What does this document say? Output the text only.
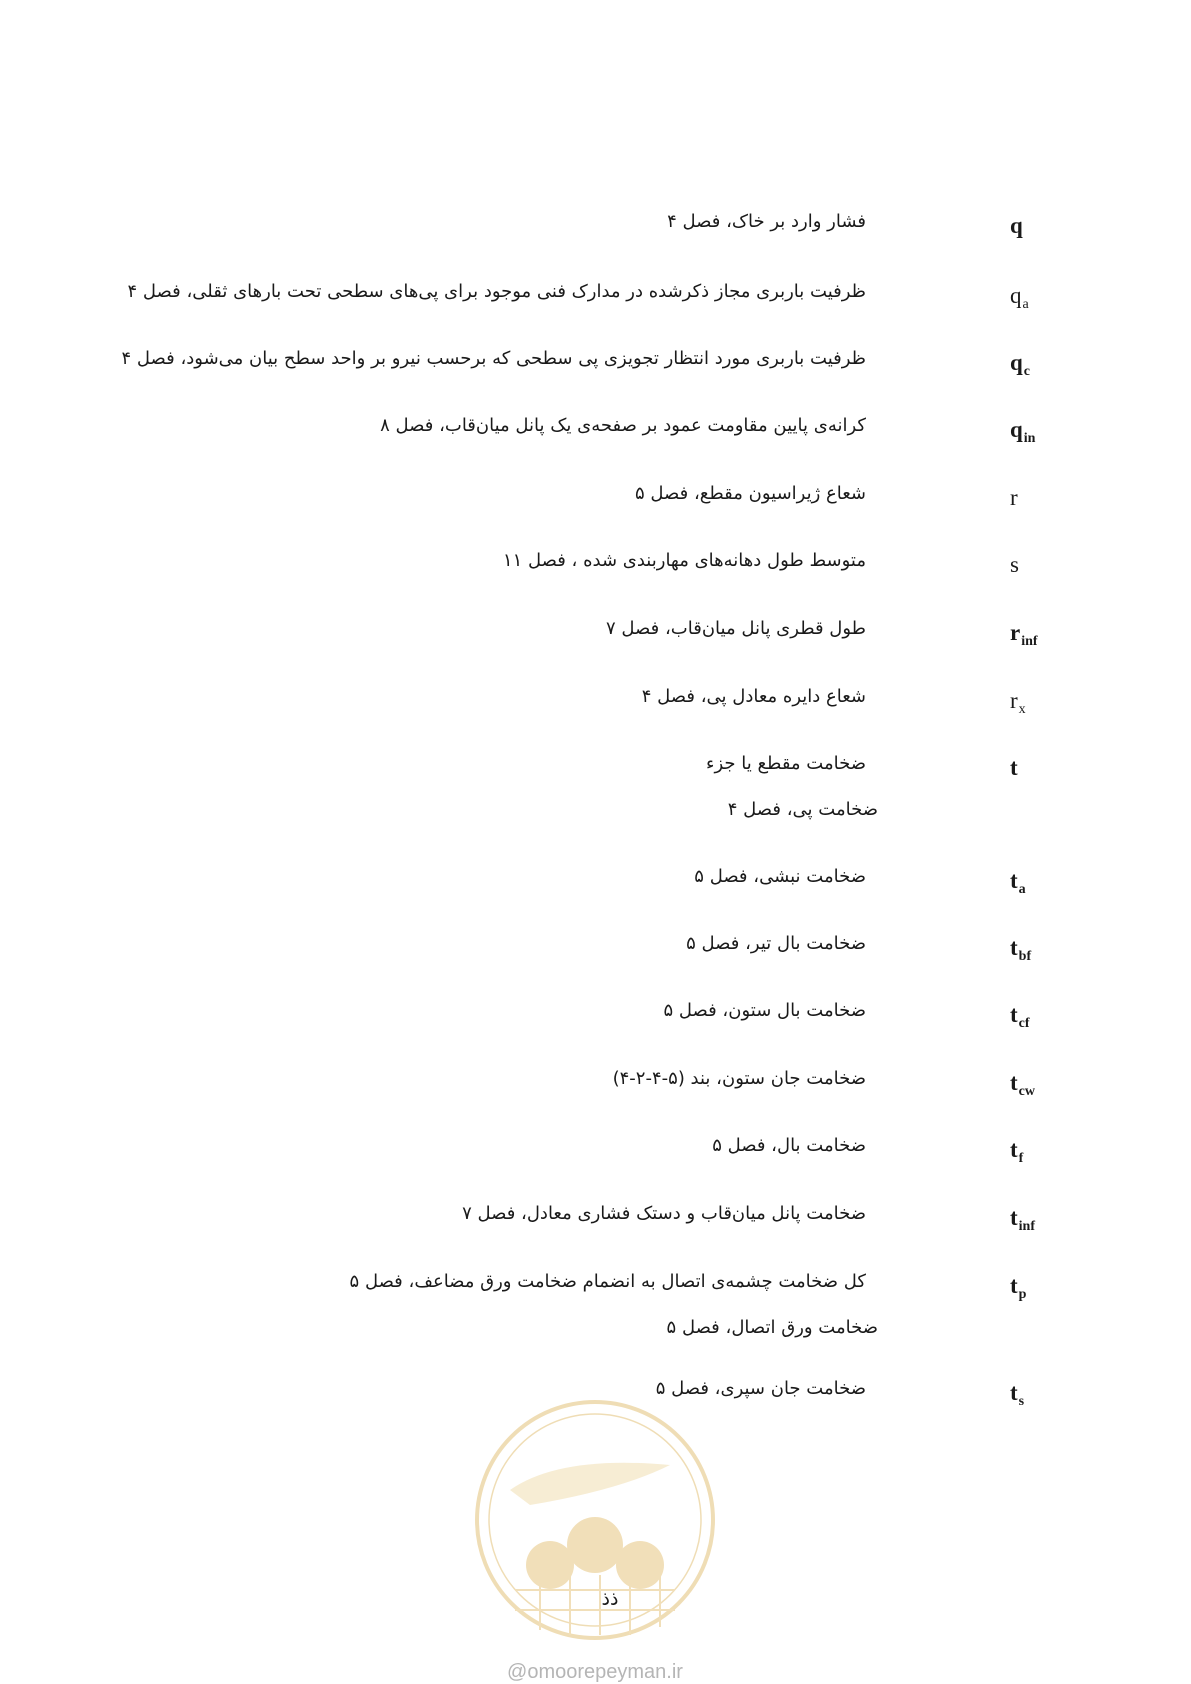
q
فشار وارد بر خاک، فصل ۴
$q_a$
ظرفیت باربری مجاز ذکرشده در مدارک فنی موجود برای پی‌های سطحی تحت بارهای ثقلی، فصل ۴
$q_c$
ظرفیت باربری مورد انتظار تجویزی پی سطحی که برحسب نیرو بر واحد سطح بیان می‌شود، فصل ۴
$q_{in}$
کرانه‌ی پایین مقاومت عمود بر صفحه‌ی یک پانل میان‌قاب، فصل ۸
r
شعاع ژیراسیون مقطع، فصل ۵
s
متوسط طول دهانه‌های مهاربندی شده ، فصل ۱۱
$r_{inf}$
طول قطری پانل میان‌قاب، فصل ۷
$r_x$
شعاع دایره معادل پی، فصل ۴
t
ضخامت مقطع یا جزء
ضخامت پی، فصل ۴
$t_a$
ضخامت نبشی، فصل ۵
$t_{bf}$
ضخامت بال تیر، فصل ۵
$t_{cf}$
ضخامت بال ستون، فصل ۵
$t_{cw}$
ضخامت جان ستون، بند (۵-۴-۲-۴)
$t_f$
ضخامت بال، فصل ۵
$t_{inf}$
ضخامت پانل میان‌قاب و دستک فشاری معادل، فصل ۷
$t_p$
کل ضخامت چشمه‌ی اتصال به انضمام ضخامت ورق مضاعف، فصل ۵
ضخامت ورق اتصال، فصل ۵
$t_s$
ضخامت جان سپری، فصل ۵
@omoorepeyman.ir
ذذ
